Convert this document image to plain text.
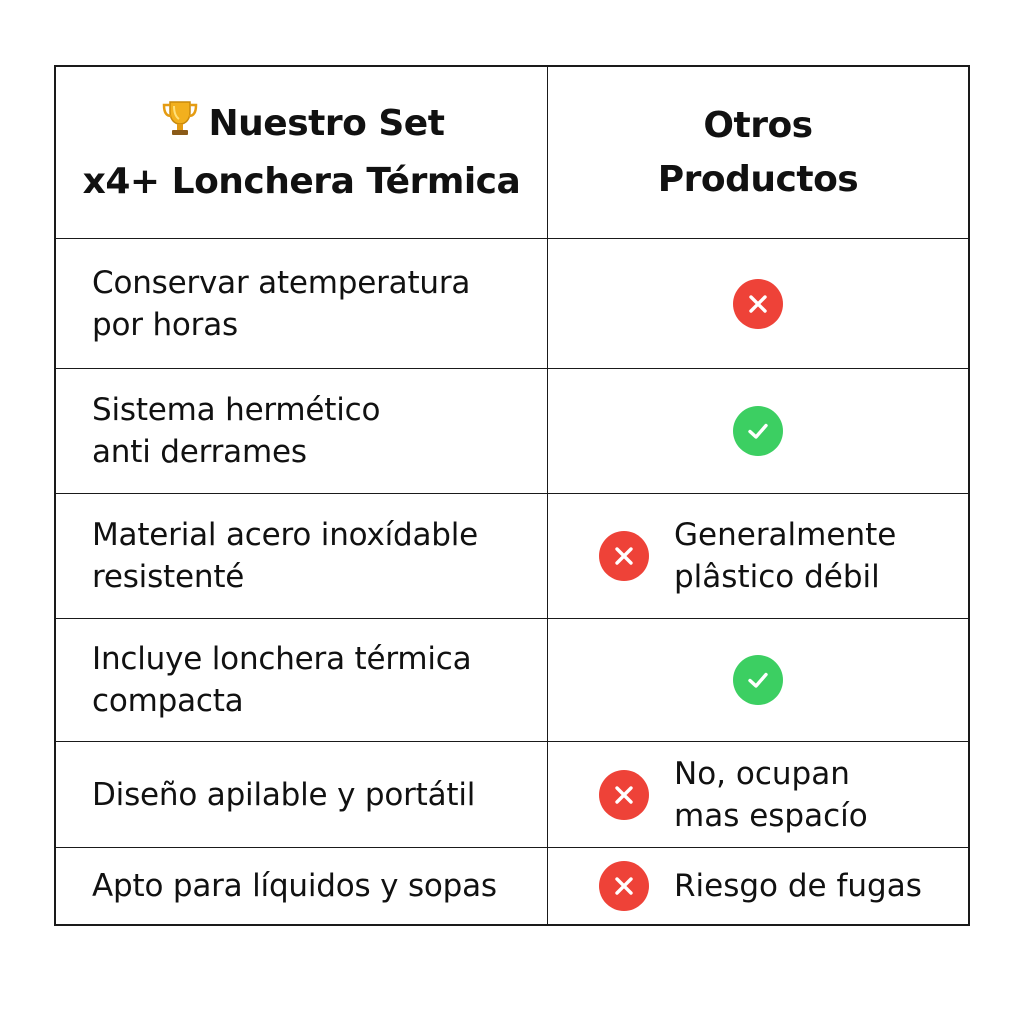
Nuestro Set
x4+ Lonchera Térmica
Otros
Productos
Conservar atemperatura
por horas
Sistema hermético
anti derrames
Material acero inoxídable
resistenté
Generalmente
plâstico débil
Incluye lonchera térmica
compacta
Diseño apilable y portátil
No, ocupan
mas espacío
Apto para líquidos y sopas	Riesgo de fugas
